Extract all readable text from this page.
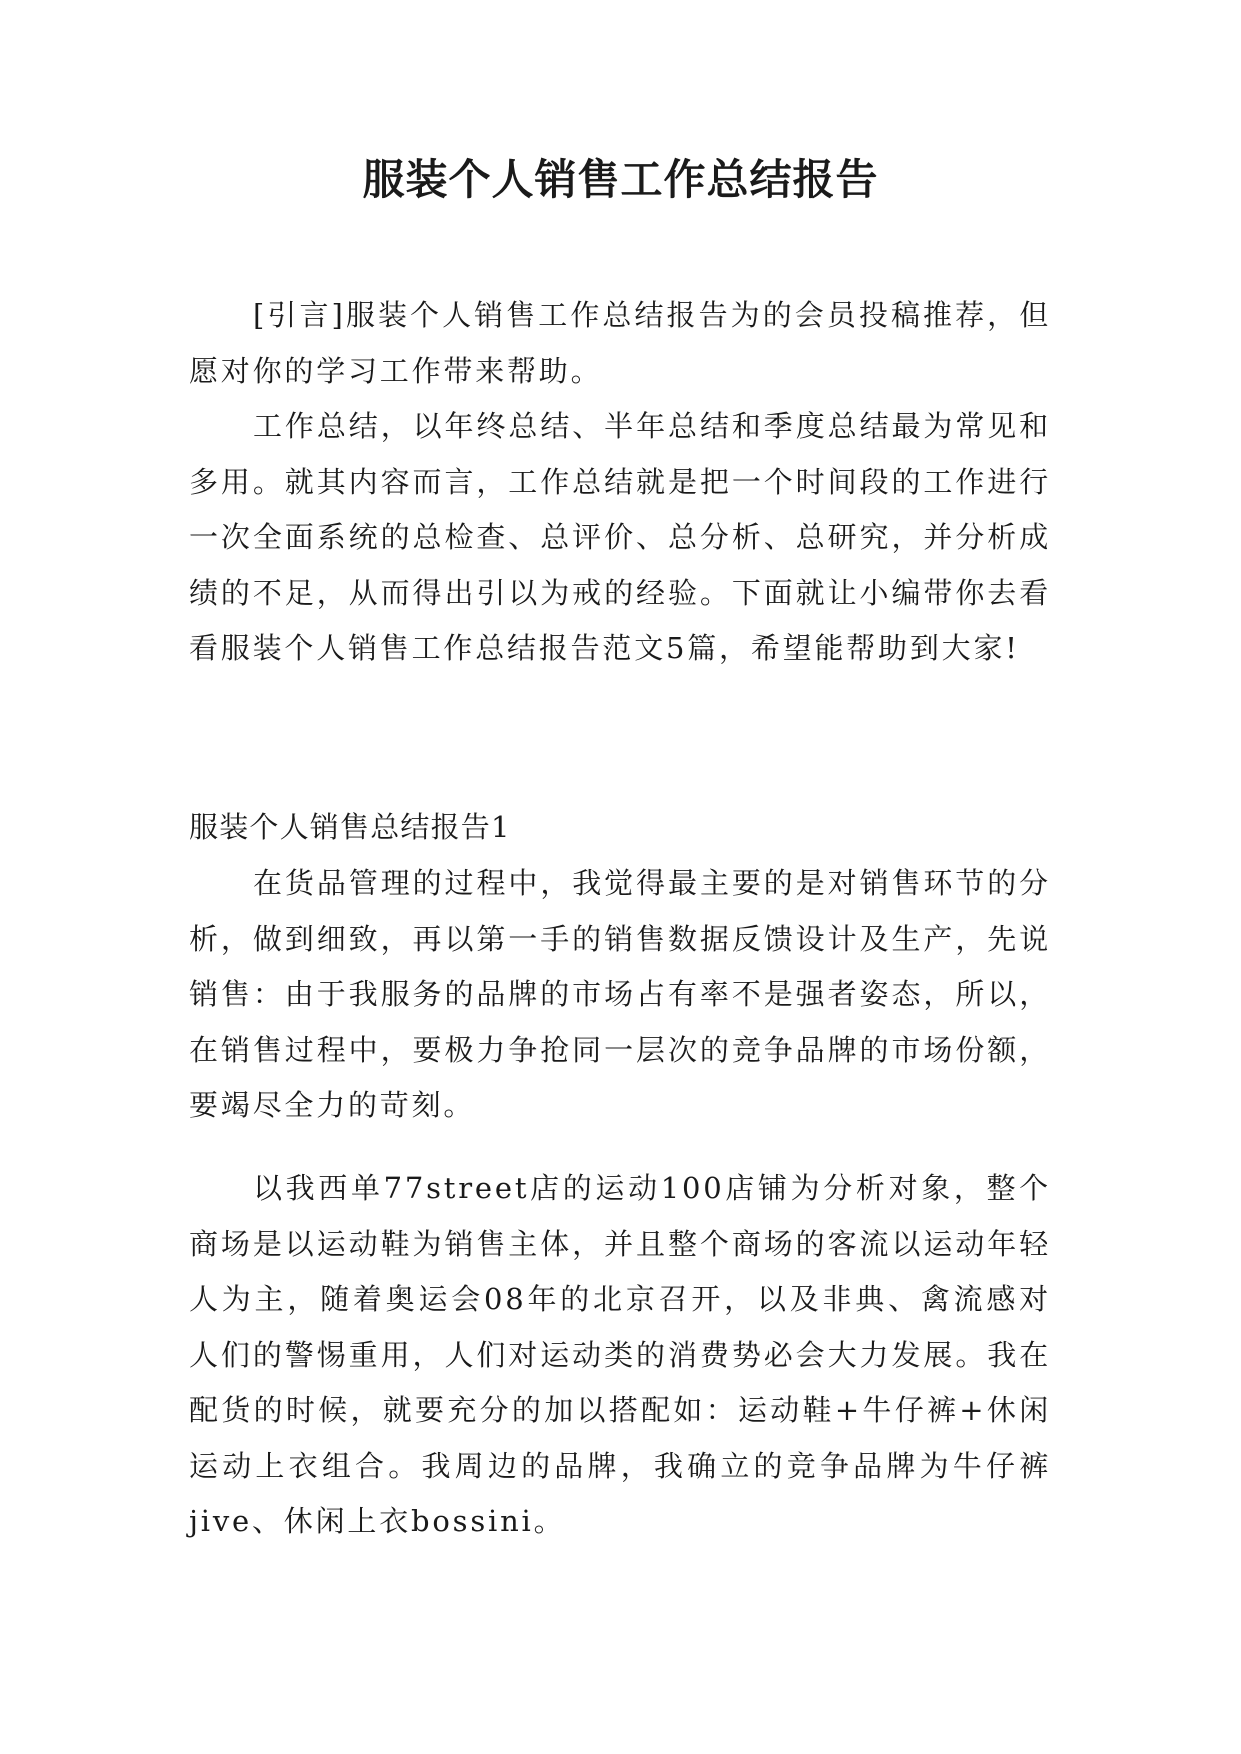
服装个人销售工作总结报告

[引言]服装个人销售工作总结报告为的会员投稿推荐，但愿对你的学习工作带来帮助。

工作总结，以年终总结、半年总结和季度总结最为常见和多用。就其内容而言，工作总结就是把一个时间段的工作进行一次全面系统的总检查、总评价、总分析、总研究，并分析成绩的不足，从而得出引以为戒的经验。下面就让小编带你去看看服装个人销售工作总结报告范文5篇，希望能帮助到大家!

服装个人销售总结报告1

在货品管理的过程中，我觉得最主要的是对销售环节的分析，做到细致，再以第一手的销售数据反馈设计及生产，先说销售：由于我服务的品牌的市场占有率不是强者姿态，所以，在销售过程中，要极力争抢同一层次的竞争品牌的市场份额，要竭尽全力的苛刻。

以我西单77street店的运动100店铺为分析对象，整个商场是以运动鞋为销售主体，并且整个商场的客流以运动年轻人为主，随着奥运会08年的北京召开，以及非典、禽流感对人们的警惕重用，人们对运动类的消费势必会大力发展。我在配货的时候，就要充分的加以搭配如：运动鞋+牛仔裤+休闲运动上衣组合。我周边的品牌，我确立的竞争品牌为牛仔裤jive、休闲上衣bossini。
